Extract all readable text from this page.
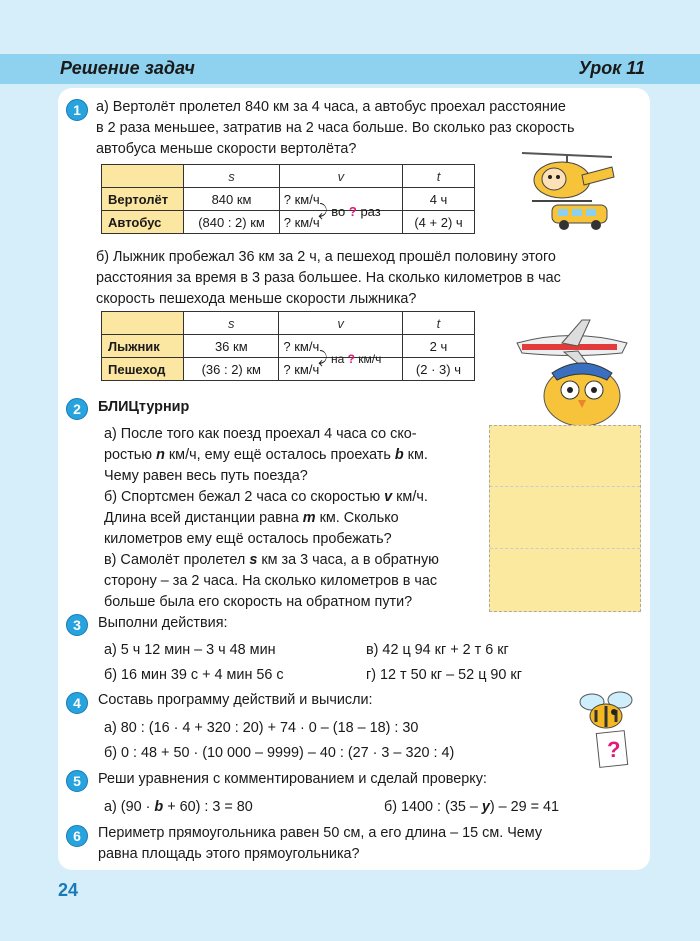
Решение задач	Урок 11
1	а) Вертолёт пролетел 840 км за 4 часа, а автобус проехал расстояние
в 2 раза меньшее, затратив на 2 часа больше. Во сколько раз скорость
автобуса меньше скорости вертолёта?
	s	v	t
Вертолёт	840 км	? км/ч	4 ч
Автобус	(840 : 2) км	? км/ч	(4 + 2) ч
⤸ во ? раз
б) Лыжник пробежал 36 км за 2 ч, а пешеход прошёл половину этого
расстояния за время в 3 раза большее. На сколько километров в час
скорость пешехода меньше скорости лыжника?
	s	v	t
Лыжник	36 км	? км/ч	2 ч
Пешеход	(36 : 2) км	? км/ч	(2 · 3) ч
⤸ на ? км/ч
2	БЛИЦтурнир
а) После того как поезд проехал 4 часа со ско-
ростью n км/ч, ему ещё осталось проехать b км.
Чему равен весь путь поезда?
б) Спортсмен бежал 2 часа со скоростью v км/ч.
Длина всей дистанции равна m км. Сколько
километров ему ещё осталось пробежать?
в) Самолёт пролетел s км за 3 часа, а в обратную
сторону – за 2 часа. На сколько километров в час
больше была его скорость на обратном пути?
3	Выполни действия:
а) 5 ч 12 мин – 3 ч 48 мин	в) 42 ц 94 кг + 2 т 6 кг
б) 16 мин 39 с + 4 мин 56 с	г) 12 т 50 кг – 52 ц 90 кг
4	Составь программу действий и вычисли:
а) 80 : (16 · 4 + 320 : 20) + 74 · 0 – (18 – 18) : 30
б) 0 : 48 + 50 · (10 000 – 9999) – 40 : (27 · 3 – 320 : 4)	?
5	Реши уравнения с комментированием и сделай проверку:
а) (90 · b + 60) : 3 = 80	б) 1400 : (35 – y) – 29 = 41
6	Периметр прямоугольника равен 50 см, а его длина – 15 см. Чему
равна площадь этого прямоугольника?
24
